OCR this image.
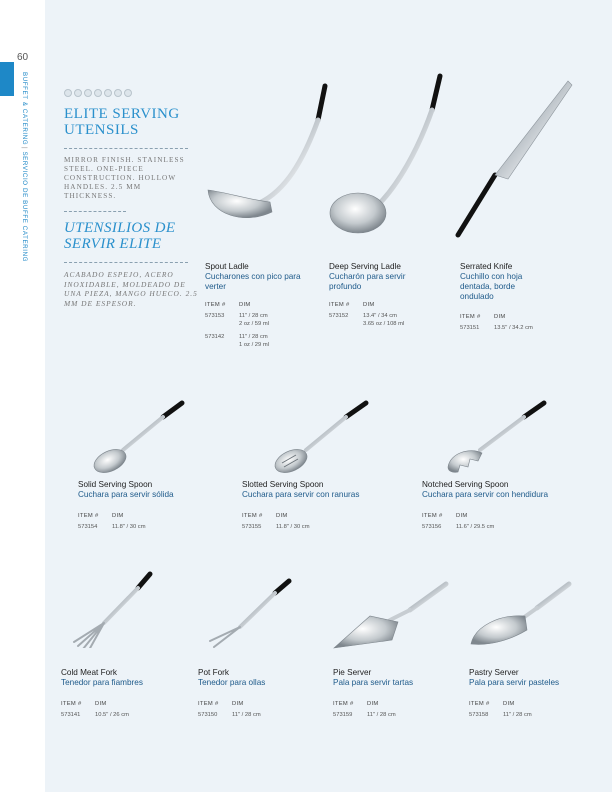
60
BUFFET & CATERING|SERVICIO DE BUFFE CATERING
ELITE SERVING UTENSILS
MIRROR FINISH. STAINLESS STEEL. ONE-PIECE CONSTRUCTION. HOLLOW HANDLES. 2.5 MM THICKNESS.
UTENSILIOS DE SERVIR ELITE
ACABADO ESPEJO, ACERO INOXIDABLE, MOLDEADO DE UNA PIEZA, MANGO HUECO. 2.5 MM DE ESPESOR.
Spout Ladle
Cucharones con pico para verter
ITEM # DIM
573153	11" / 28 cm
2 oz / 59 ml
573142	11" / 28 cm
1 oz / 29 ml
Deep Serving Ladle
Cucharón para servir profundo
ITEM # DIM
573152	13.4" / 34 cm
3.65 oz / 108 ml
Serrated Knife
Cuchillo con hoja dentada, borde ondulado
ITEM # DIM
573151	13.5" / 34.2 cm
Solid Serving Spoon
Cuchara para servir sólida
ITEM # DIM
573154	11.8" / 30 cm
Slotted Serving Spoon
Cuchara para servir con ranuras
ITEM # DIM
573155	11.8" / 30 cm
Notched Serving Spoon
Cuchara para servir con hendidura
ITEM # DIM
573156	11.6" / 29.5 cm
Cold Meat Fork
Tenedor para fiambres
ITEM # DIM
573141	10.5" / 26 cm
Pot Fork
Tenedor para ollas
ITEM # DIM
573150	11" / 28 cm
Pie Server
Pala para servir tartas
ITEM # DIM
573159	11" / 28 cm
Pastry Server
Pala para servir pasteles
ITEM # DIM
573158	11" / 28 cm
